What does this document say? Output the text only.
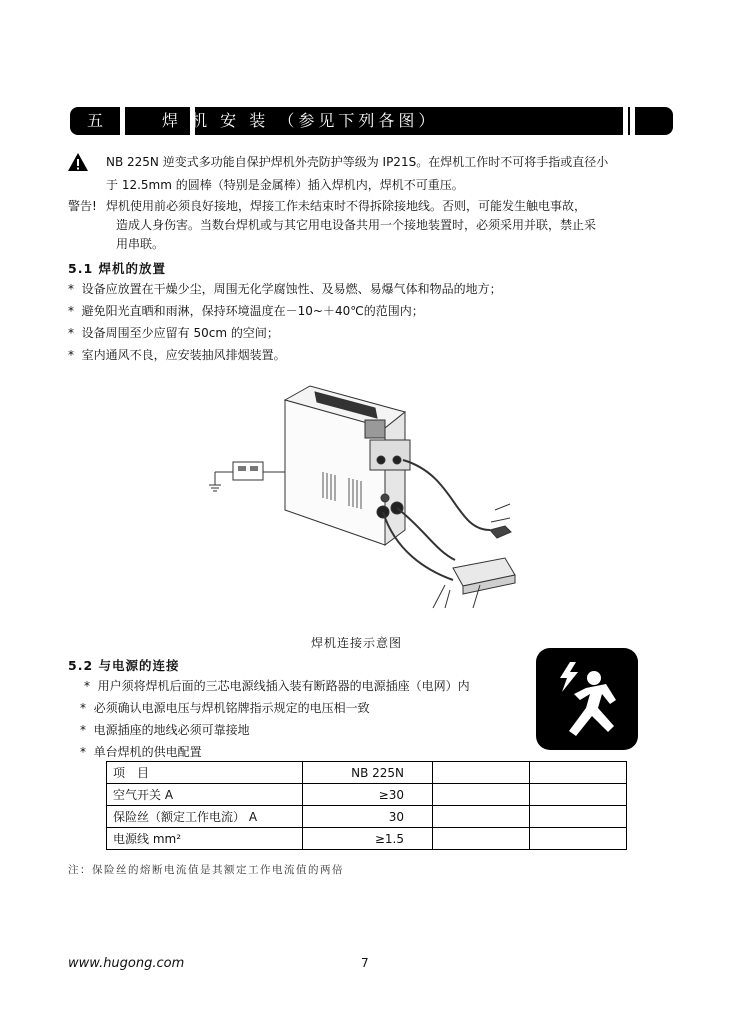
五	焊 机 安 装 （参见下列各图）
NB 225N 逆变式多功能自保护焊机外壳防护等级为 IP21S。在焊机工作时不可将手指或直径小
于 12.5mm 的圆棒（特别是金属棒）插入焊机内，焊机不可重压。
警告! 焊机使用前必须良好接地，焊接工作未结束时不得拆除接地线。否则，可能发生触电事故，
造成人身伤害。当数台焊机或与其它用电设备共用一个接地装置时，必须采用并联，禁止采
用串联。
5.1 焊机的放置
*  设备应放置在干燥少尘，周围无化学腐蚀性、及易燃、易爆气体和物品的地方；
*  避免阳光直晒和雨淋，保持环境温度在－10~＋40℃的范围内；
*  设备周围至少应留有 50cm 的空间；
*  室内通风不良，应安装抽风排烟装置。
焊机连接示意图
5.2 与电源的连接
*  用户须将焊机后面的三芯电源线插入装有断路器的电源插座（电网）内
*  必须确认电源电压与焊机铭牌指示规定的电压相一致
*  电源插座的地线必须可靠接地
*  单台焊机的供电配置
项　目	NB 225N		
空气开关 A	≥30		
保险丝（额定工作电流） A	30		
电源线 mm²	≥1.5		
注：保险丝的熔断电流值是其额定工作电流值的两倍
www.hugong.com	7
